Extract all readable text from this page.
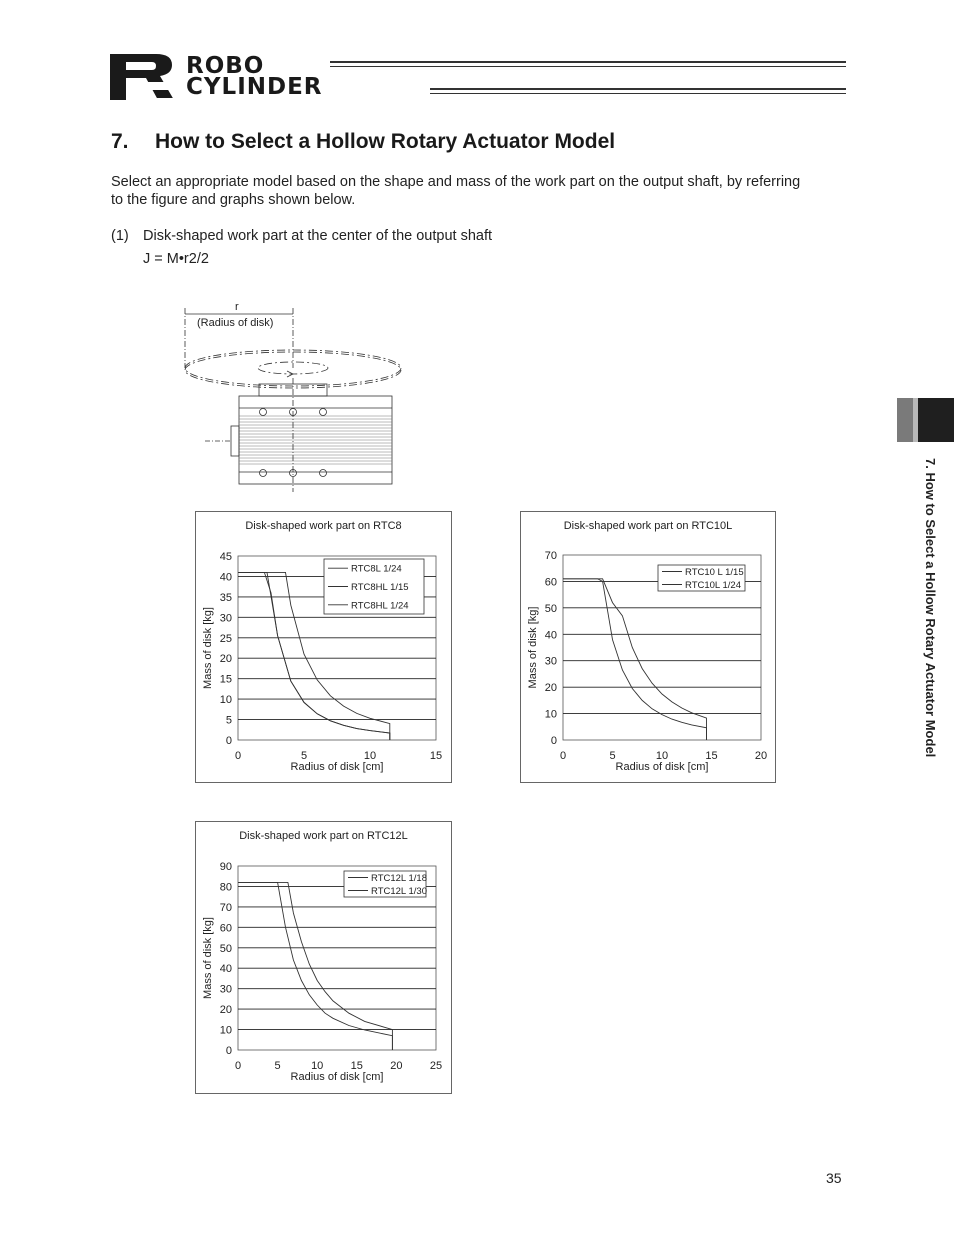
ROBO
CYLINDER
7. How to Select a Hollow Rotary Actuator Model
Select an appropriate model based on the shape and mass of the work part on the output shaft, by referring to the figure and graphs shown below.
(1) Disk-shaped work part at the center of the output shaft
J = M•r2/2
r
(Radius of disk)
Disk-shaped work part on RTC8
0
5
10
15
20
25
30
35
40
45
0	5	10	15
Radius of disk [cm]
Mass of disk [kg]
RTC8L 1/24
RTC8HL 1/15
RTC8HL 1/24
Disk-shaped work part on RTC10L
0
10
20
30
40
50
60
70
0	5	10	15	20
Radius of disk [cm]
Mass of disk [kg]
RTC10 L 1/15
RTC10L 1/24
Disk-shaped work part on RTC12L
0
10
20
30
40
50
60
70
80
90
0	5	10 15 20 25
Radius of disk [cm]
Mass of disk [kg]
RTC12L 1/18
RTC12L 1/30
7. How to Select a Hollow Rotary Actuator Model
35
